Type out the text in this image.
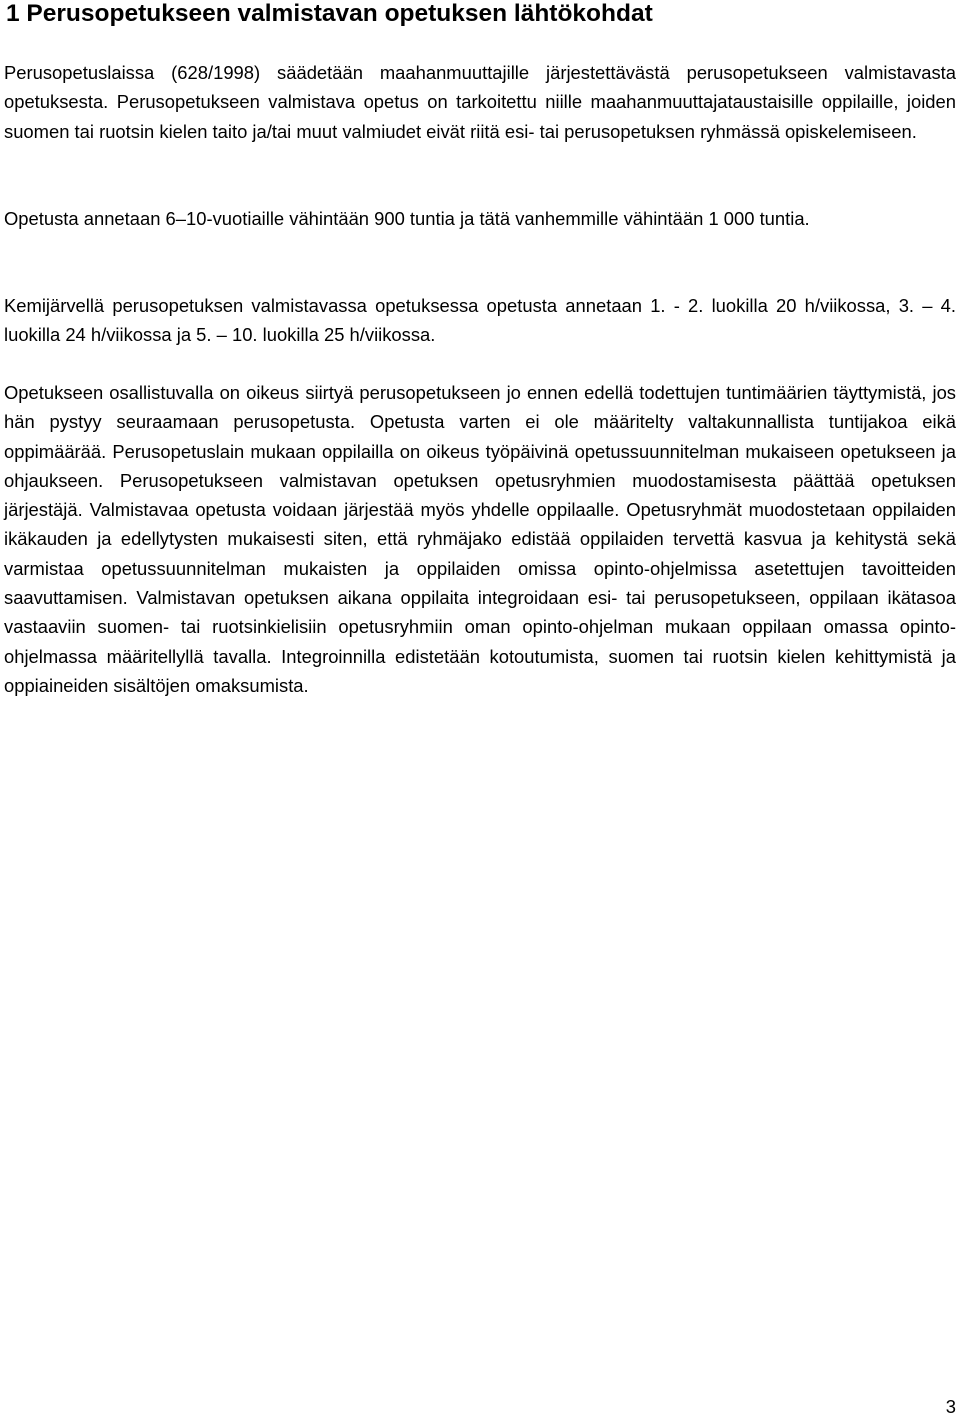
1 Perusopetukseen valmistavan opetuksen lähtökohdat

Perusopetuslaissa (628/1998) säädetään maahanmuuttajille järjestettävästä perusopetukseen valmistavasta opetuksesta. Perusopetukseen valmistava opetus on tarkoitettu niille maahanmuuttajataustaisille oppilaille, joiden suomen tai ruotsin kielen taito ja/tai muut valmiudet eivät riitä esi- tai perusopetuksen ryhmässä opiskelemiseen.

Opetusta annetaan 6–10-vuotiaille vähintään 900 tuntia ja tätä vanhemmille vähintään 1 000 tuntia.

Kemijärvellä perusopetuksen valmistavassa opetuksessa opetusta annetaan 1. - 2. luokilla 20 h/viikossa, 3. – 4. luokilla 24 h/viikossa ja 5. – 10. luokilla 25 h/viikossa.

Opetukseen osallistuvalla on oikeus siirtyä perusopetukseen jo ennen edellä todettujen tuntimäärien täyttymistä, jos hän pystyy seuraamaan perusopetusta. Opetusta varten ei ole määritelty valtakunnallista tuntijakoa eikä oppimäärää. Perusopetuslain mukaan oppilailla on oikeus työpäivinä opetussuunnitelman mukaiseen opetukseen ja ohjaukseen. Perusopetukseen valmistavan opetuksen opetusryhmien muodostamisesta päättää opetuksen järjestäjä. Valmistavaa opetusta voidaan järjestää myös yhdelle oppilaalle. Opetusryhmät muodostetaan oppilaiden ikäkauden ja edellytysten mukaisesti siten, että ryhmäjako edistää oppilaiden tervettä kasvua ja kehitystä sekä varmistaa opetussuunnitelman mukaisten ja oppilaiden omissa opinto-ohjelmissa asetettujen tavoitteiden saavuttamisen. Valmistavan opetuksen aikana oppilaita integroidaan esi- tai perusopetukseen, oppilaan ikätasoa vastaaviin suomen- tai ruotsinkielisiin opetusryhmiin oman opinto-ohjelman mukaan oppilaan omassa opinto-ohjelmassa määritellyllä tavalla. Integroinnilla edistetään kotoutumista, suomen tai ruotsin kielen kehittymistä ja oppiaineiden sisältöjen omaksumista.

3
